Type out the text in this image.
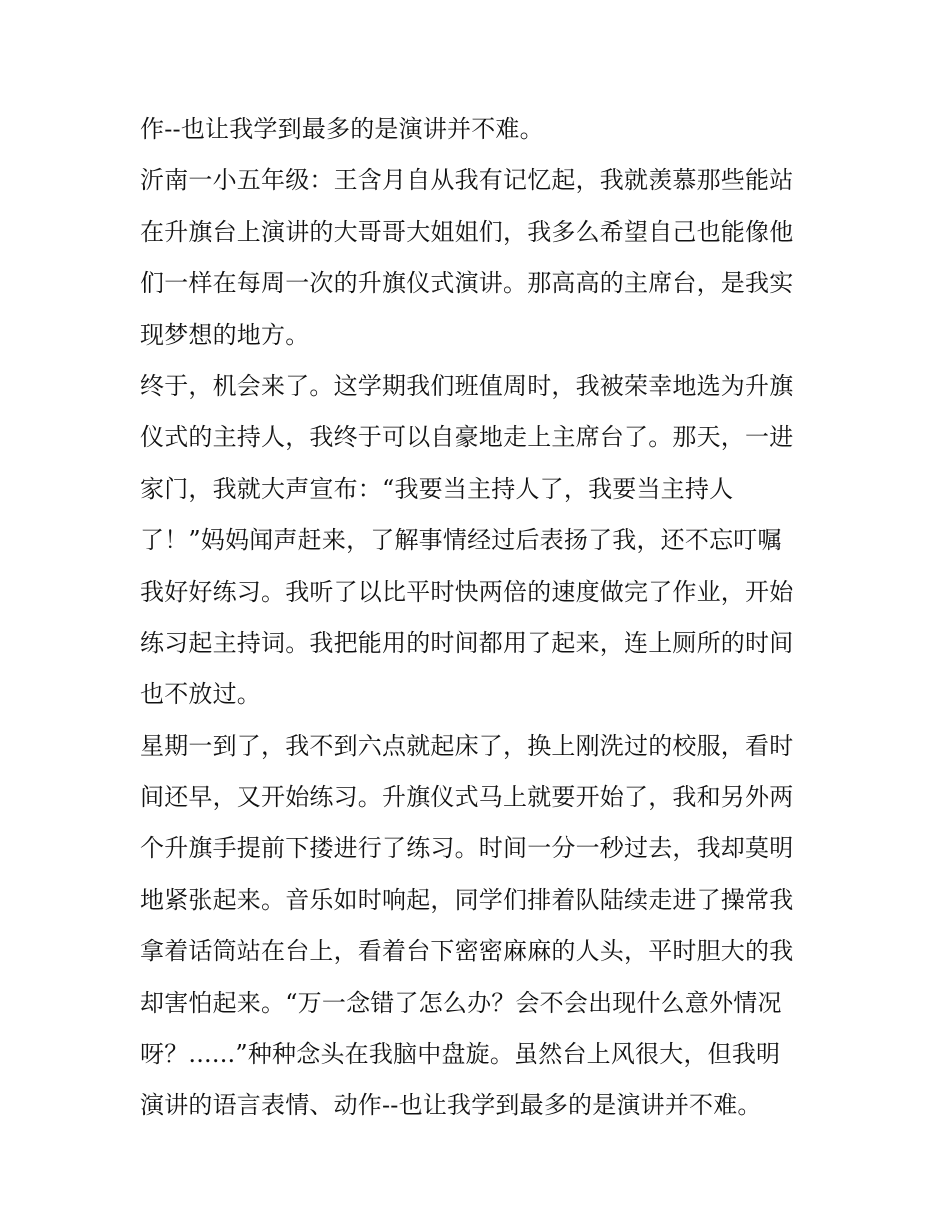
作--也让我学到最多的是演讲并不难。
沂南一小五年级：王含月自从我有记忆起，我就羡慕那些能站
在升旗台上演讲的大哥哥大姐姐们，我多么希望自己也能像他
们一样在每周一次的升旗仪式演讲。那高高的主席台，是我实
现梦想的地方。
终于，机会来了。这学期我们班值周时，我被荣幸地选为升旗
仪式的主持人，我终于可以自豪地走上主席台了。那天，一进
家门，我就大声宣布：“我要当主持人了，我要当主持人
了！”妈妈闻声赶来，了解事情经过后表扬了我，还不忘叮嘱
我好好练习。我听了以比平时快两倍的速度做完了作业，开始
练习起主持词。我把能用的时间都用了起来，连上厕所的时间
也不放过。
星期一到了，我不到六点就起床了，换上刚洗过的校服，看时
间还早，又开始练习。升旗仪式马上就要开始了，我和另外两
个升旗手提前下搂进行了练习。时间一分一秒过去，我却莫明
地紧张起来。音乐如时响起，同学们排着队陆续走进了操常我
拿着话筒站在台上，看着台下密密麻麻的人头，平时胆大的我
却害怕起来。“万一念错了怎么办？会不会出现什么意外情况
呀？......”种种念头在我脑中盘旋。虽然台上风很大，但我明
演讲的语言表情、动作--也让我学到最多的是演讲并不难。
